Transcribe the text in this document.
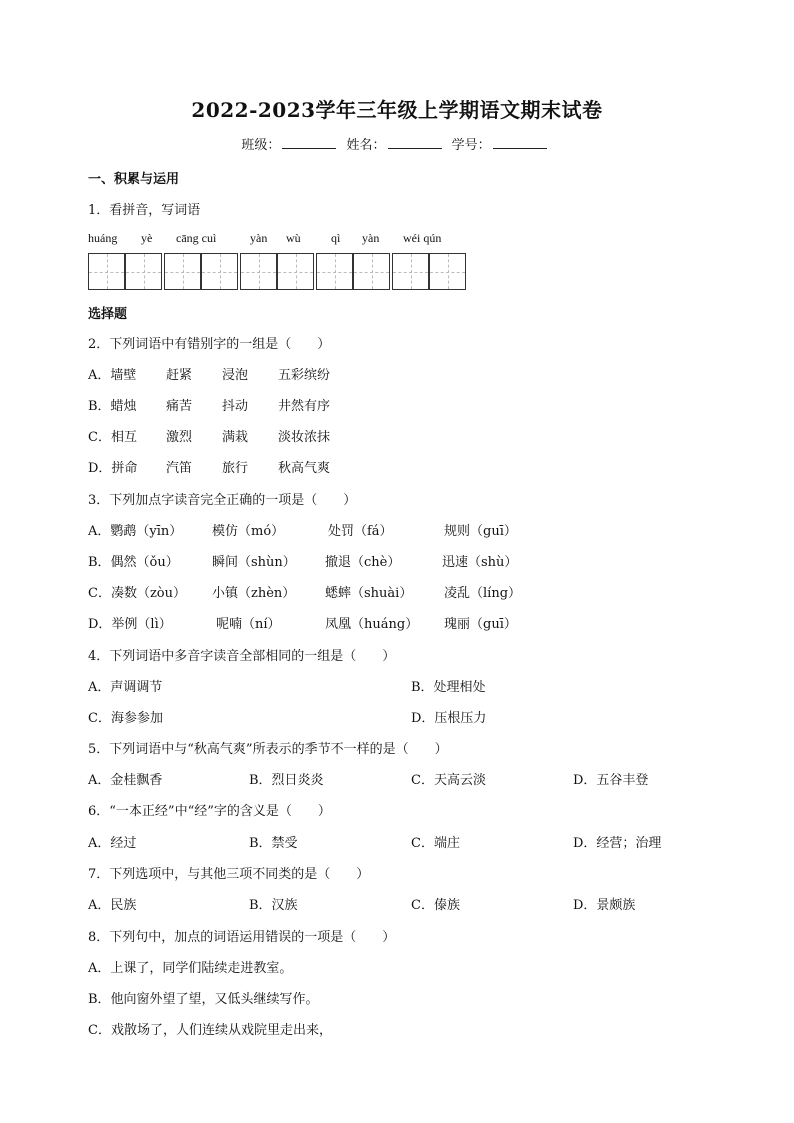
2022-2023学年三年级上学期语文期末试卷
班级：	姓名：	学号：
一、积累与运用
1．看拼音，写词语
huáng yè cāng cuì	yàn wù	qì yàn wéi qún
选择题
2．下列词语中有错别字的一组是（　　）
A．墙壁 赶紧 浸泡 五彩缤纷
B．蜡烛 痛苦 抖动 井然有序
C．相互 激烈 满栽 淡妆浓抹
D．拼命 汽笛 旅行 秋高气爽
3．下列加点字读音完全正确的一项是（　　）
A．鹦鹉（yīn） 模仿（mó）	处罚（fá）	规则（guī）
B．偶然（ǒu）	瞬间（shùn） 撤退（chè）	迅速（shù）
C．凑数（zòu） 小镇（zhèn） 蟋蟀（shuài） 凌乱（líng）
D．举例（lì）	呢喃（ní）	凤凰（huáng） 瑰丽（guī）
4．下列词语中多音字读音全部相同的一组是（　　）
A．声调调节	B．处理相处
C．海参参加	D．压根压力
5．下列词语中与“秋高气爽”所表示的季节不一样的是（　　）
A．金桂飘香	B．烈日炎炎	C．天高云淡	D．五谷丰登
6．“一本正经”中“经”字的含义是（　　）
A．经过	B．禁受	C．端庄	D．经营；治理
7．下列选项中，与其他三项不同类的是（　　）
A．民族	B．汉族	C．傣族	D．景颇族
8．下列句中，加点的词语运用错误的一项是（　　）
A．上课了，同学们陆续走进教室。
B．他向窗外望了望，又低头继续写作。
C．戏散场了，人们连续从戏院里走出来，
